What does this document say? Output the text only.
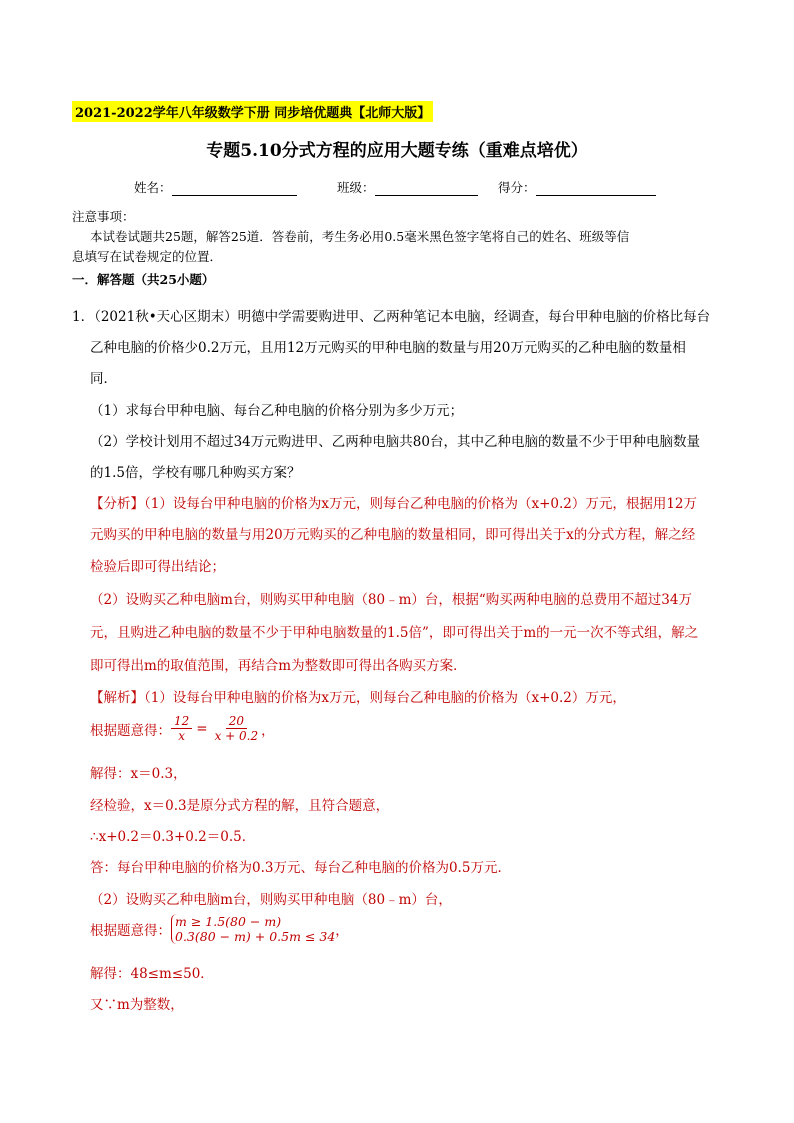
2021-2022学年八年级数学下册 同步培优题典【北师大版】
专题5.10分式方程的应用大题专练（重难点培优）
姓名：	班级：	得分：
注意事项：
本试卷试题共25题，解答25道．答卷前，考生务必用0.5毫米黑色签字笔将自己的姓名、班级等信
息填写在试卷规定的位置．
一．解答题（共25小题）
1．（2021秋•天心区期末）明德中学需要购进甲、乙两种笔记本电脑，经调查，每台甲种电脑的价格比每台
乙种电脑的价格少0.2万元，且用12万元购买的甲种电脑的数量与用20万元购买的乙种电脑的数量相
同．
（1）求每台甲种电脑、每台乙种电脑的价格分别为多少万元；
（2）学校计划用不超过34万元购进甲、乙两种电脑共80台，其中乙种电脑的数量不少于甲种电脑数量
的1.5倍，学校有哪几种购买方案？
【分析】（1）设每台甲种电脑的价格为x万元，则每台乙种电脑的价格为（x+0.2）万元，根据用12万
元购买的甲种电脑的数量与用20万元购买的乙种电脑的数量相同，即可得出关于x的分式方程，解之经
检验后即可得出结论；
（2）设购买乙种电脑m台，则购买甲种电脑（80﹣m）台，根据“购买两种电脑的总费用不超过34万
元，且购进乙种电脑的数量不少于甲种电脑数量的1.5倍”，即可得出关于m的一元一次不等式组，解之
即可得出m的取值范围，再结合m为整数即可得出各购买方案．
【解析】（1）设每台甲种电脑的价格为x万元，则每台乙种电脑的价格为（x+0.2）万元，
根据题意得： $\frac{12}{x} = \frac{20}{x + 0.2}$ ，
解得：x＝0.3，
经检验，x＝0.3是原分式方程的解，且符合题意，
∴x+0.2＝0.3+0.2＝0.5．
答：每台甲种电脑的价格为0.3万元、每台乙种电脑的价格为0.5万元．
（2）设购买乙种电脑m台，则购买甲种电脑（80﹣m）台，
根据题意得：
m ≥ 1.5(80 − m)
0.3(80 − m) + 0.5m ≤ 34 ，
解得：48≤m≤50．
又∵m为整数，
